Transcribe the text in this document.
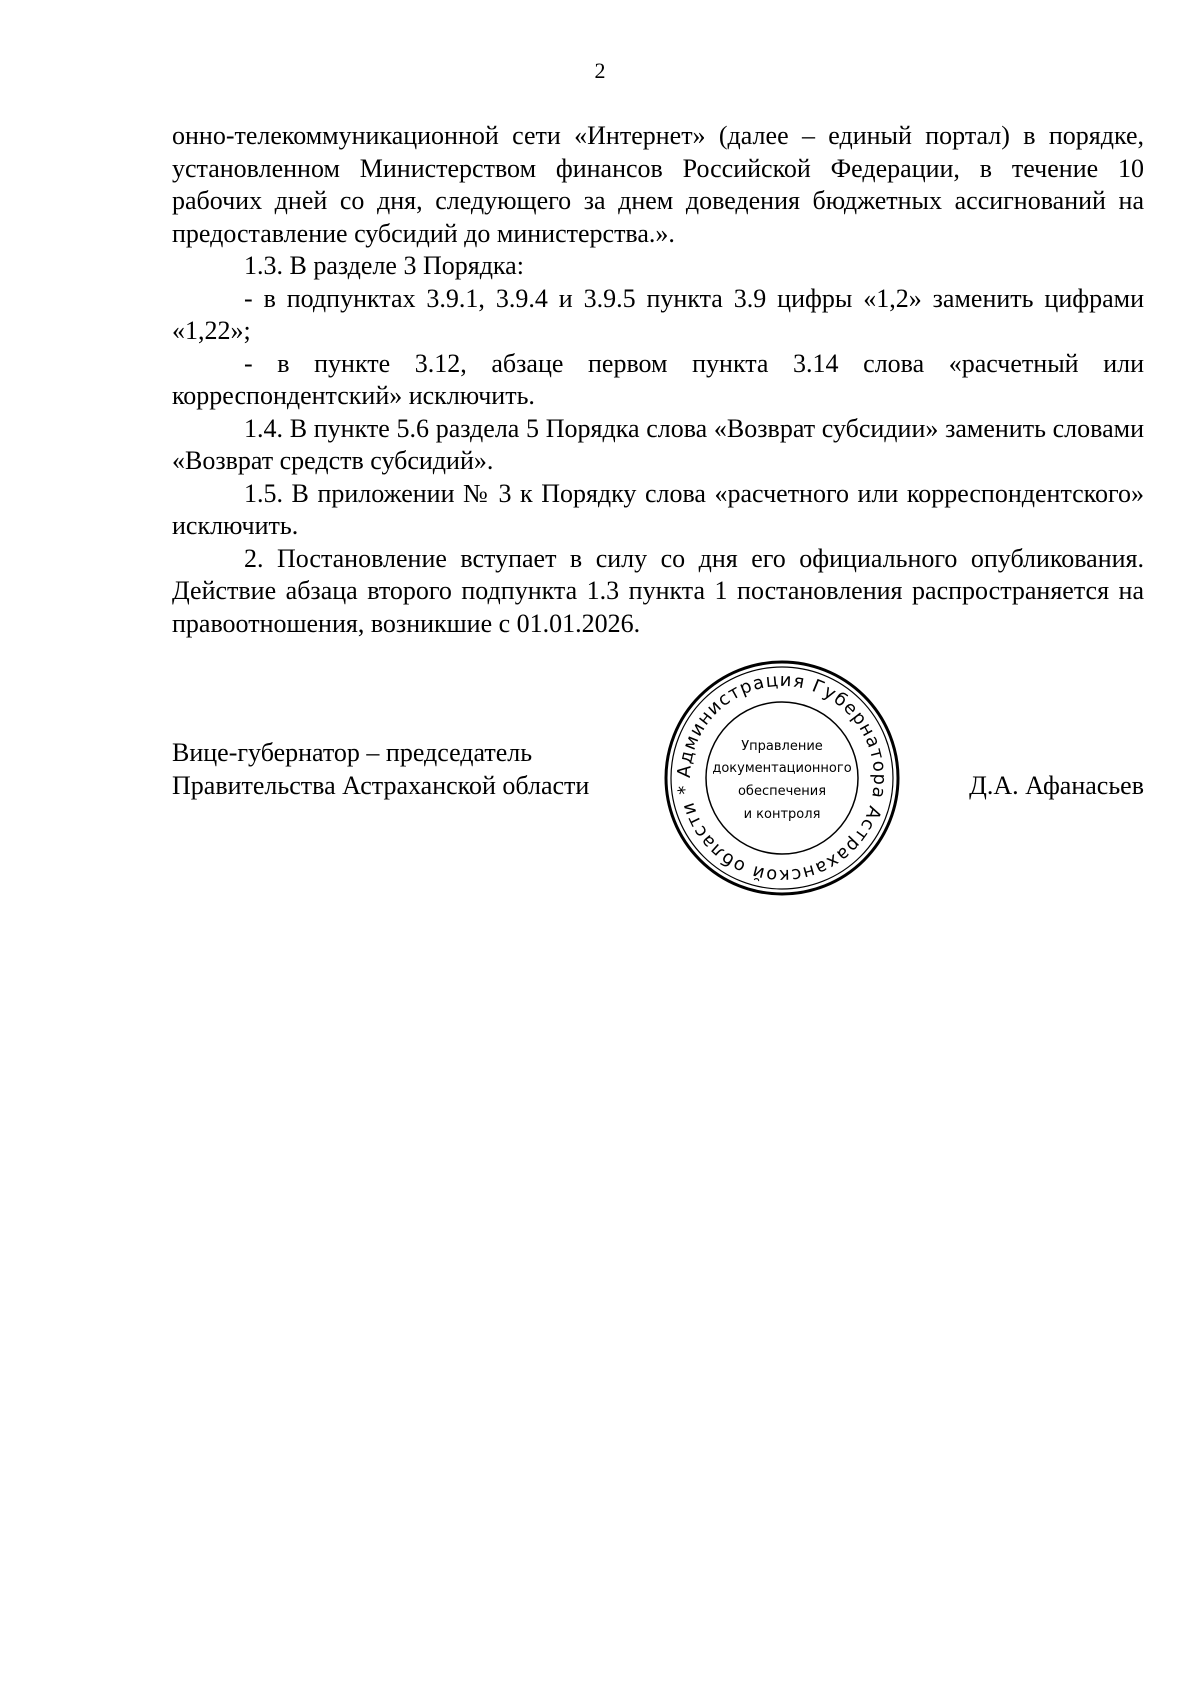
2

онно-телекоммуникационной сети «Интернет» (далее – единый портал) в порядке, установленном Министерством финансов Российской Федерации, в течение 10 рабочих дней со дня, следующего за днем доведения бюджетных ассигнований на предоставление субсидий до министерства.».

1.3. В разделе 3 Порядка:

- в подпунктах 3.9.1, 3.9.4 и 3.9.5 пункта 3.9 цифры «1,2» заменить цифрами «1,22»;

- в пункте 3.12, абзаце первом пункта 3.14 слова «расчетный или корреспондентский» исключить.

1.4. В пункте 5.6 раздела 5 Порядка слова «Возврат субсидии» заменить словами «Возврат средств субсидий».

1.5. В приложении № 3 к Порядку слова «расчетного или корреспондентского» исключить.

2. Постановление вступает в силу со дня его официального опубликования. Действие абзаца второго подпункта 1.3 пункта 1 постановления распространяется на правоотношения, возникшие с 01.01.2026.

Вице-губернатор – председатель
Правительства Астраханской области	Д.А. Афанасьев
Администрация Губернатора Астраханской области *
Управление
документационного
обеспечения
и контроля
